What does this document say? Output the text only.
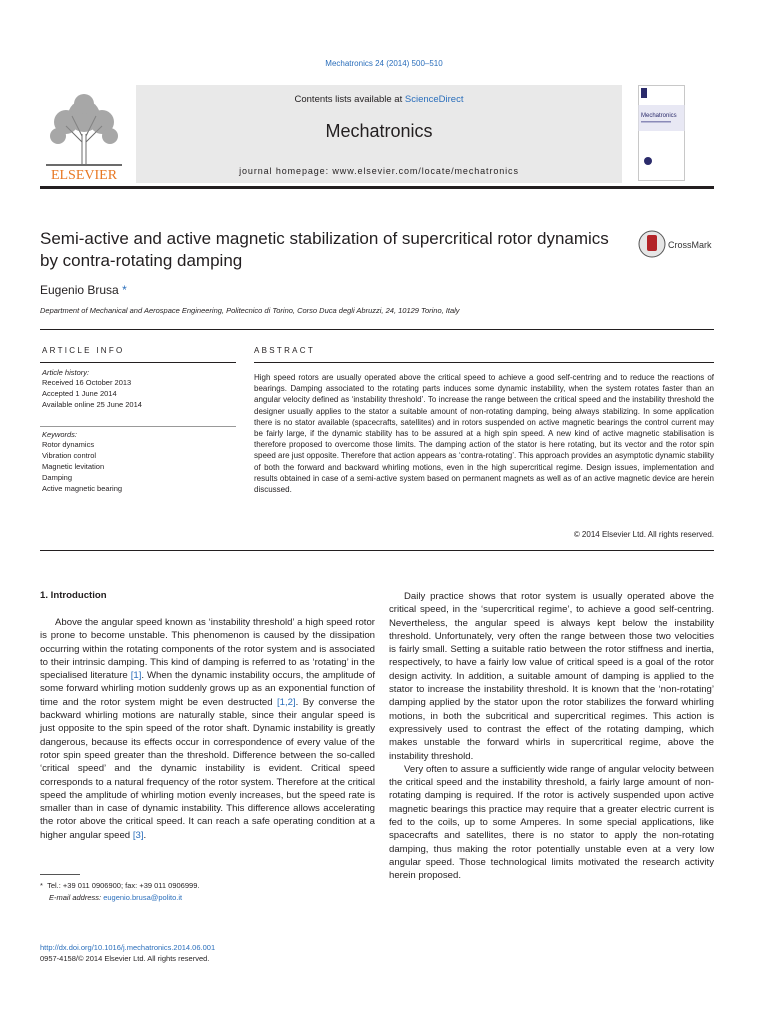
Mechatronics 24 (2014) 500–510
Contents lists available at ScienceDirect
Mechatronics
journal homepage: www.elsevier.com/locate/mechatronics
ELSEVIER
Mechatronics
Semi-active and active magnetic stabilization of supercritical rotor dynamics by contra-rotating damping
CrossMark
Eugenio Brusa *
Department of Mechanical and Aerospace Engineering, Politecnico di Torino, Corso Duca degli Abruzzi, 24, 10129 Torino, Italy
ARTICLE INFO
Article history:
Received 16 October 2013
Accepted 1 June 2014
Available online 25 June 2014
Keywords:
Rotor dynamics
Vibration control
Magnetic levitation
Damping
Active magnetic bearing
ABSTRACT
High speed rotors are usually operated above the critical speed to achieve a good self-centring and to reduce the reactions of bearings. Damping associated to the rotating parts induces some dynamic instability, when the system rotates faster than an angular velocity defined as ‘instability threshold’. To increase the range between the critical speed and the instability threshold the designer usually applies to the stator a suitable amount of non-rotating damping, being always stabilizing. In some application there is no stator available (spacecrafts, satellites) and in rotors suspended on active magnetic bearings the control current may be fairly large, if the dynamic stability has to be assured at a high spin speed. A new kind of active magnetic stabilisation is therefore proposed to overcome those limits. The damping action of the stator is here rotating, but its vector and the rotor spin speed are just opposite. Therefore that action appears as ‘contra-rotating’. This approach provides an asymptotic dynamic stability of both the forward and backward whirling motions, even in the high supercritical regime. Design issues, implementation and results obtained in case of a semi-active system based on permanent magnets as well as of an active magnetic device are herein discussed.
© 2014 Elsevier Ltd. All rights reserved.
1. Introduction

Above the angular speed known as ‘instability threshold’ a high speed rotor is prone to become unstable. This phenomenon is caused by the dissipation occurring within the rotating components of the rotor system and is associated to their intrinsic damping. This kind of damping is referred to as ‘rotating’ in the specialised literature [1]. When the dynamic instability occurs, the amplitude of some forward whirling motion suddenly grows up as an exponential function of time and the rotor system might be even destructed [1,2]. By converse the backward whirling motions are naturally stable, since their angular speed is just opposite to the spin speed of the rotor shaft. Dynamic instability is greatly dangerous, because its effects occur in correspondence of every value of the rotor spin speed greater than the threshold. Difference between the so-called ‘critical speed’ and the dynamic instability is evident. Critical speed corresponds to a natural frequency of the rotor system. Therefore at the critical speed the amplitude of whirling motion evenly increases, but the speed rate is smaller than in case of dynamic instability. This difference allows accelerating the rotor above the critical speed. It can reach a safe operating condition at a higher angular speed [3].

Daily practice shows that rotor system is usually operated above the critical speed, in the ‘supercritical regime’, to achieve a good self-centring. Nevertheless, the angular speed is always kept below the instability threshold. Unfortunately, very often the range between those two velocities is fairly small. Setting a suitable ratio between the rotor stiffness and inertia, respectively, to have a fairly low value of critical speed is a goal of the rotor design activity. In addition, a suitable amount of damping is applied to the stator to increase the instability threshold. It is known that the ‘non-rotating’ damping applied by the stator upon the rotor stabilizes the forward whirling motions, in both the subcritical and supercritical regimes. This action is expressively used to contrast the effect of the rotating damping, which makes unstable the forward whirls in supercritical regime, above the instability threshold.

Very often to assure a sufficiently wide range of angular velocity between the critical speed and the instability threshold, a fairly large amount of non-rotating damping is required. If the rotor is actively suspended upon active magnetic bearings this practice may require that a greater electric current is fed to the coils, up to some Amperes. In some special applications, like spacecrafts and satellites, there is no stator to apply the non-rotating damping, thus making the rotor potentially unstable even at a very low angular speed. Those technological limits motivated the research activity herein proposed.

* Tel.: +39 011 0906900; fax: +39 011 0906999.
E-mail address: eugenio.brusa@polito.it
http://dx.doi.org/10.1016/j.mechatronics.2014.06.001
0957-4158/© 2014 Elsevier Ltd. All rights reserved.
